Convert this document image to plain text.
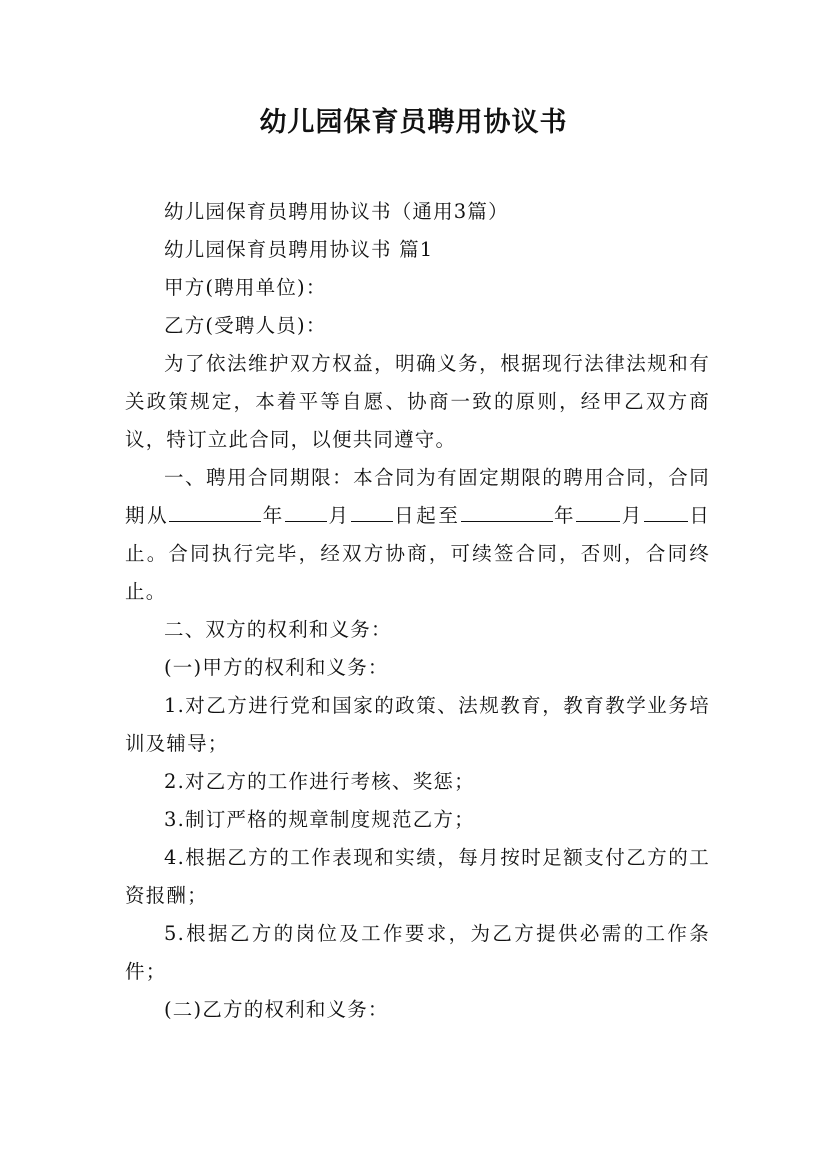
幼儿园保育员聘用协议书

幼儿园保育员聘用协议书（通用3篇）

幼儿园保育员聘用协议书 篇1

甲方(聘用单位)：

乙方(受聘人员)：

为了依法维护双方权益，明确义务，根据现行法律法规和有关政策规定，本着平等自愿、协商一致的原则，经甲乙双方商议，特订立此合同，以便共同遵守。

一、聘用合同期限：本合同为有固定期限的聘用合同，合同期从	年 月 日起至	年 月 日止。合同执行完毕，经双方协商，可续签合同，否则，合同终止。

二、双方的权利和义务：

(一)甲方的权利和义务：

1.对乙方进行党和国家的政策、法规教育，教育教学业务培训及辅导；

2.对乙方的工作进行考核、奖惩；

3.制订严格的规章制度规范乙方；

4.根据乙方的工作表现和实绩，每月按时足额支付乙方的工资报酬；

5.根据乙方的岗位及工作要求，为乙方提供必需的工作条件；

(二)乙方的权利和义务：
